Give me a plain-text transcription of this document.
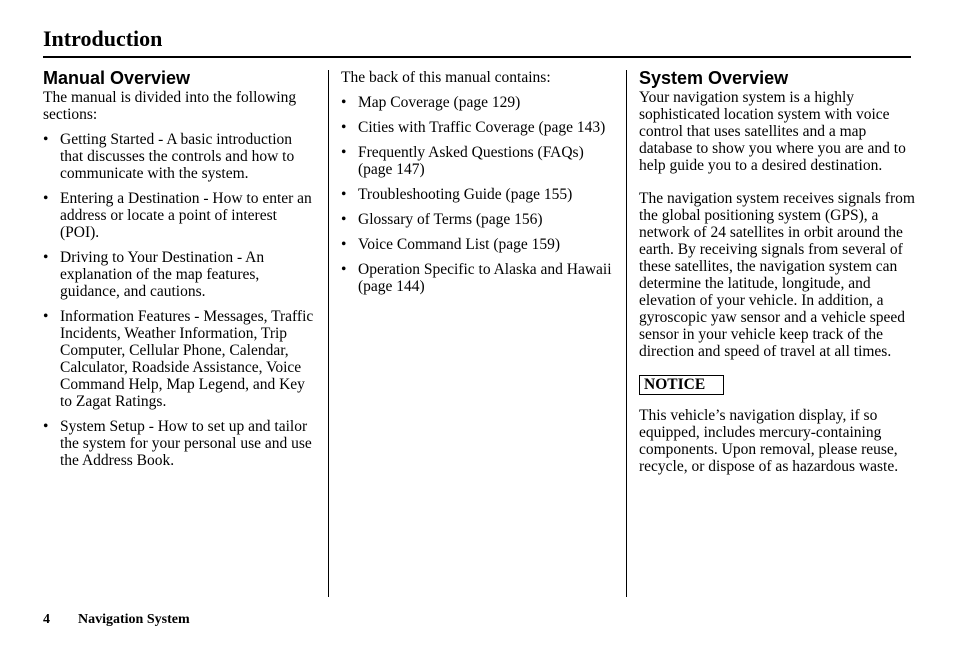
Introduction
Manual Overview

The manual is divided into the following sections:

• Getting Started - A basic introduction that discusses the controls and how to communicate with the system.
• Entering a Destination - How to enter an address or locate a point of interest (POI).
• Driving to Your Destination - An explanation of the map features, guidance, and cautions.
• Information Features - Messages, Traffic Incidents, Weather Information, Trip Computer, Cellular Phone, Calendar, Calculator, Roadside Assistance, Voice Command Help, Map Legend, and Key to Zagat Ratings.
• System Setup - How to set up and tailor the system for your personal use and use the Address Book.

The back of this manual contains:

• Map Coverage (page 129)
• Cities with Traffic Coverage (page 143)
• Frequently Asked Questions (FAQs) (page 147)
• Troubleshooting Guide (page 155)
• Glossary of Terms (page 156)
• Voice Command List (page 159)
• Operation Specific to Alaska and Hawaii (page 144)
System Overview

Your navigation system is a highly sophisticated location system with voice control that uses satellites and a map database to show you where you are and to help guide you to a desired destination.

The navigation system receives signals from the global positioning system (GPS), a network of 24 satellites in orbit around the earth. By receiving signals from several of these satellites, the navigation system can determine the latitude, longitude, and elevation of your vehicle. In addition, a gyroscopic yaw sensor and a vehicle speed sensor in your vehicle keep track of the direction and speed of travel at all times.

NOTICE

This vehicle’s navigation display, if so equipped, includes mercury-containing components. Upon removal, please reuse, recycle, or dispose of as hazardous waste.

4 Navigation System
